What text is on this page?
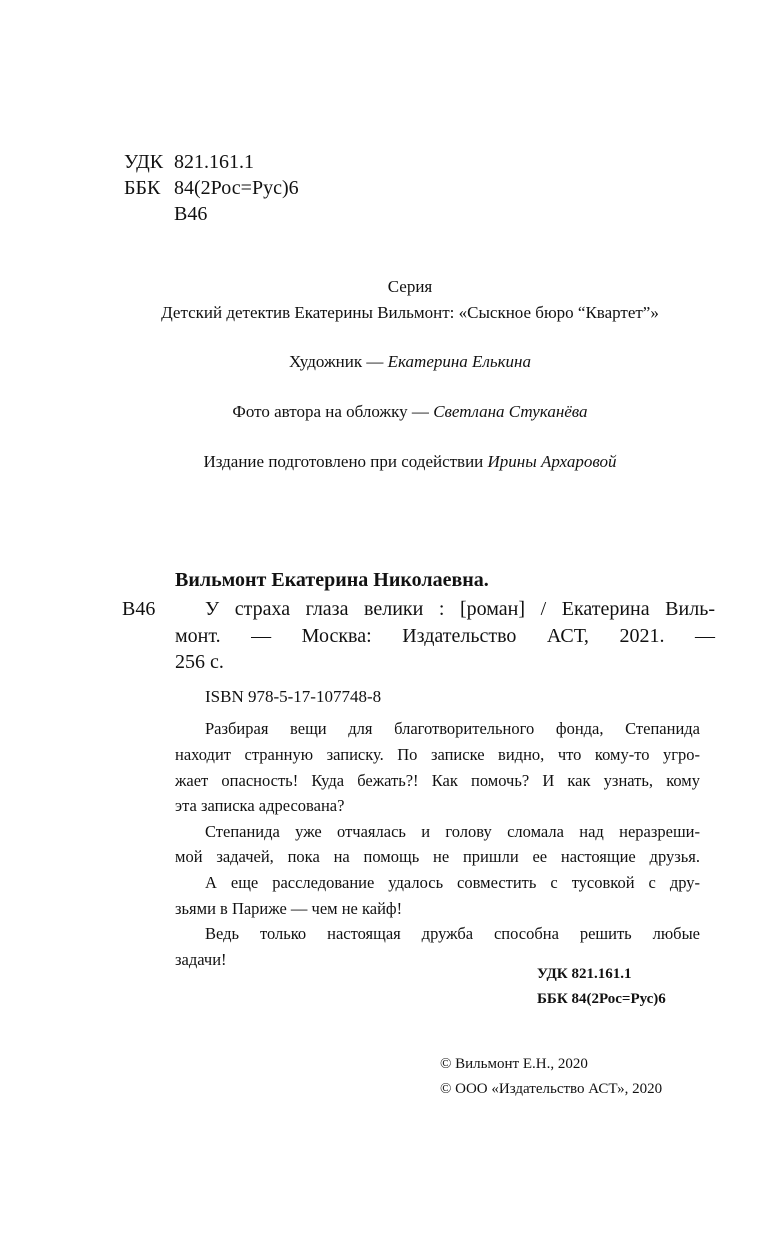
УДК 821.161.1
ББК 84(2Рос=Рус)6
В46
Серия
Детский детектив Екатерины Вильмонт: «Сыскное бюро “Квартет”»
Художник — Екатерина Елькина
Фото автора на обложку — Светлана Стуканёва
Издание подготовлено при содействии Ирины Архаровой
Вильмонт Екатерина Николаевна.
В46 У страха глаза велики : [роман] / Екатерина Виль-
монт. — Москва: Издательство АСТ, 2021. —
256 с.
ISBN 978-5-17-107748-8
Разбирая вещи для благотворительного фонда, Степанида
находит странную записку. По записке видно, что кому-то угро-
жает опасность! Куда бежать?! Как помочь? И как узнать, кому
эта записка адресована?
Степанида уже отчаялась и голову сломала над неразреши-
мой задачей, пока на помощь не пришли ее настоящие друзья.
А еще расследование удалось совместить с тусовкой с дру-
зьями в Париже — чем не кайф!
Ведь только настоящая дружба способна решить любые
задачи!
УДК 821.161.1
ББК 84(2Рос=Рус)6
© Вильмонт Е.Н., 2020
© ООО «Издательство АСТ», 2020
